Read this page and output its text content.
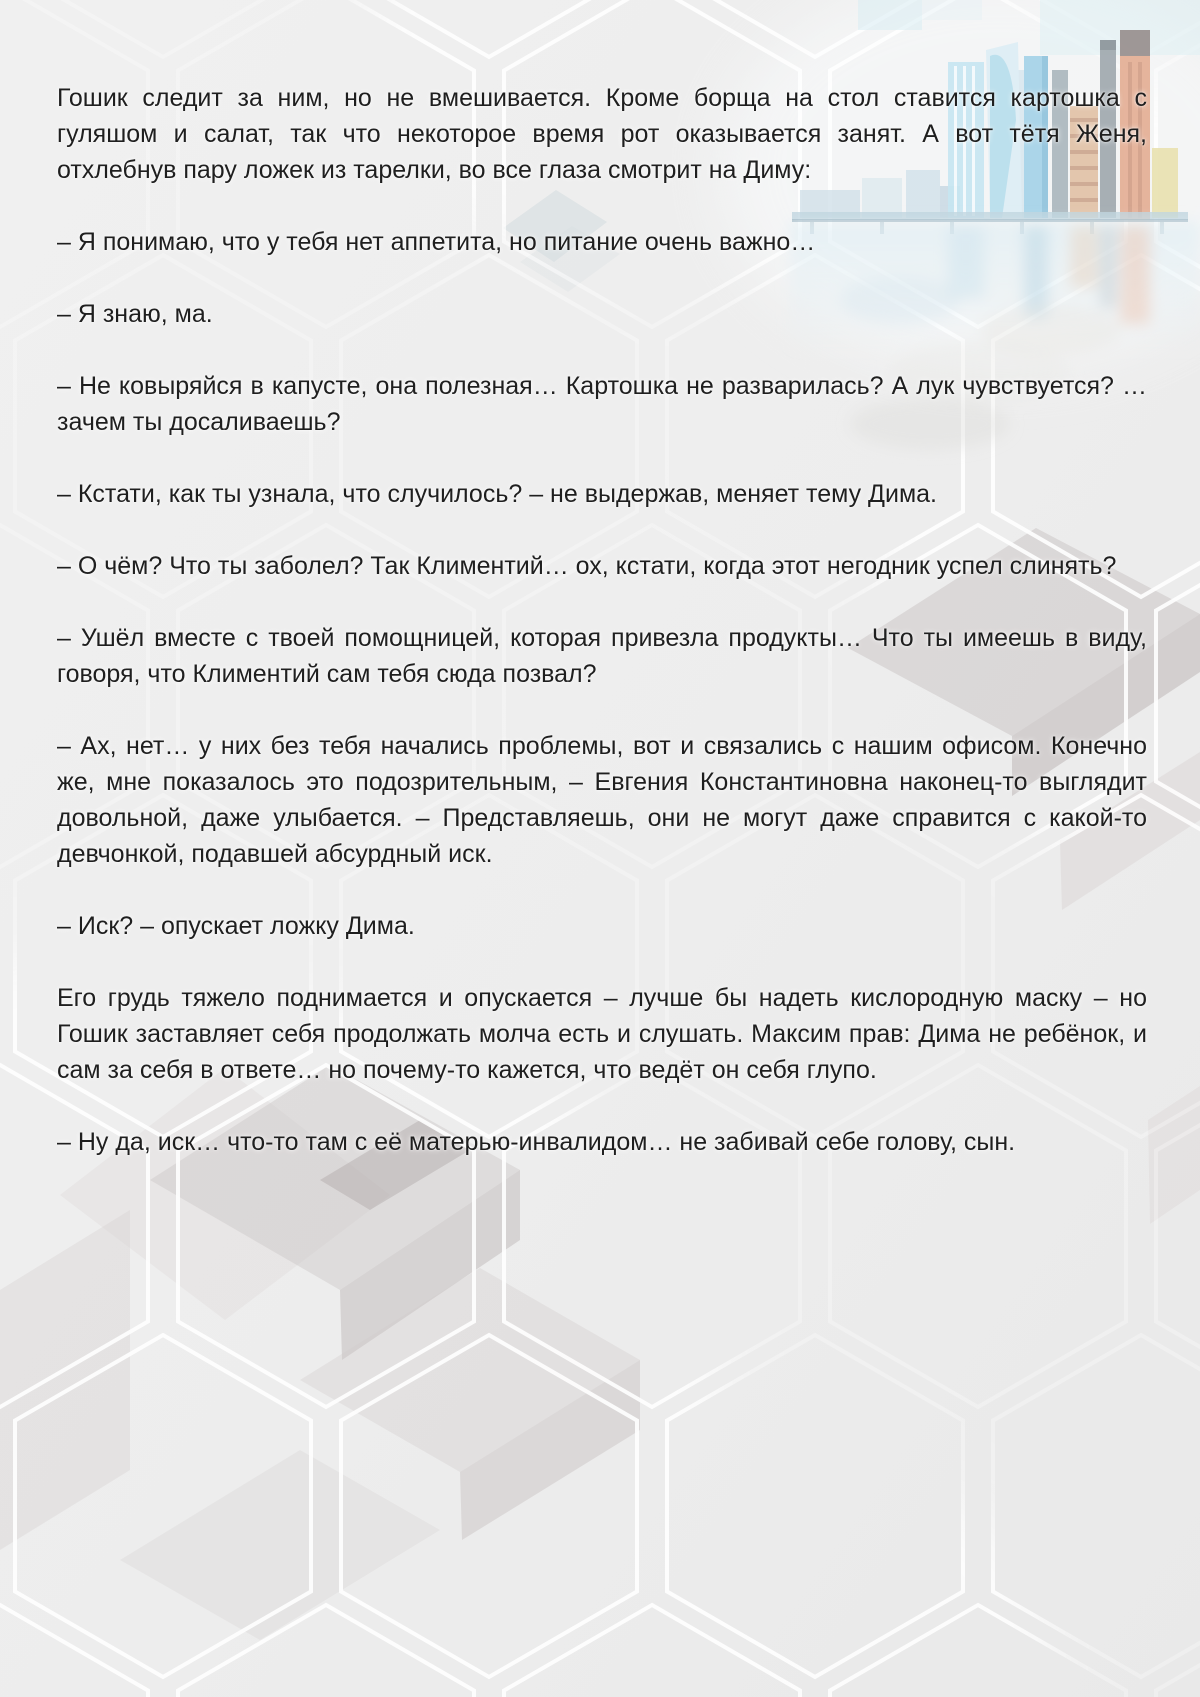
Гошик следит за ним, но не вмешивается. Кроме борща на стол ставится картошка с гуляшом и салат, так что некоторое время рот оказывается занят. А вот тётя Женя, отхлебнув пару ложек из тарелки, во все глаза смотрит на Диму:

– Я понимаю, что у тебя нет аппетита, но питание очень важно…

– Я знаю, ма.

– Не ковыряйся в капусте, она полезная… Картошка не разварилась? А лук чувствуется? …зачем ты досаливаешь?

– Кстати, как ты узнала, что случилось? – не выдержав, меняет тему Дима.

– О чём? Что ты заболел? Так Климентий… ох, кстати, когда этот негодник успел слинять?

– Ушёл вместе с твоей помощницей, которая привезла продукты… Что ты имеешь в виду, говоря, что Климентий сам тебя сюда позвал?

– Ах, нет… у них без тебя начались проблемы, вот и связались с нашим офисом. Конечно же, мне показалось это подозрительным, – Евгения Константиновна наконец-то выглядит довольной, даже улыбается. – Представляешь, они не могут даже справится с какой-то девчонкой, подавшей абсурдный иск.

– Иск? – опускает ложку Дима.

Его грудь тяжело поднимается и опускается – лучше бы надеть кислородную маску – но Гошик заставляет себя продолжать молча есть и слушать. Максим прав: Дима не ребёнок, и сам за себя в ответе… но почему-то кажется, что ведёт он себя глупо.

– Ну да, иск… что-то там с её матерью-инвалидом… не забивай себе голову, сын.
